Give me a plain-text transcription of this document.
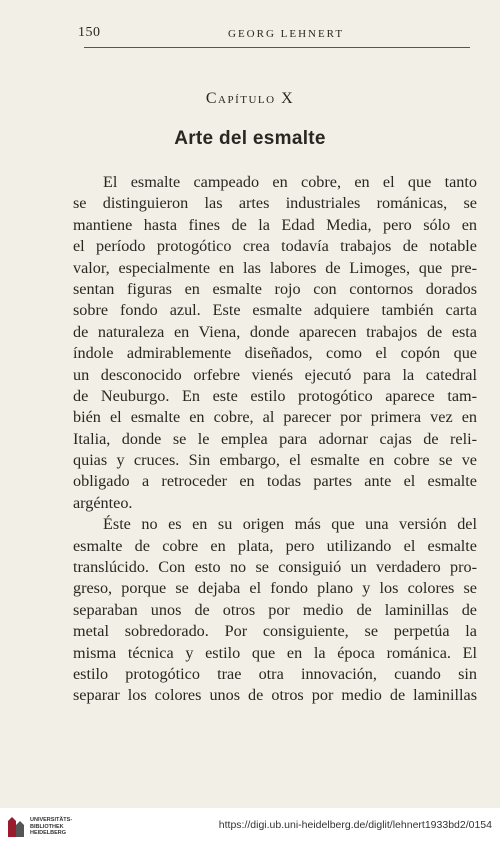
150	GEORG LEHNERT
Capítulo X
Arte del esmalte
El esmalte campeado en cobre, en el que tanto
se distinguieron las artes industriales románicas, se
mantiene hasta fines de la Edad Media, pero sólo en
el período protogótico crea todavía trabajos de notable
valor, especialmente en las labores de Limoges, que pre-
sentan figuras en esmalte rojo con contornos dorados
sobre fondo azul. Este esmalte adquiere también carta
de naturaleza en Viena, donde aparecen trabajos de esta
índole admirablemente diseñados, como el copón que
un desconocido orfebre vienés ejecutó para la catedral
de Neuburgo. En este estilo protogótico aparece tam-
bién el esmalte en cobre, al parecer por primera vez en
Italia, donde se le emplea para adornar cajas de reli-
quias y cruces. Sin embargo, el esmalte en cobre se ve
obligado a retroceder en todas partes ante el esmalte
argénteo.
Éste no es en su origen más que una versión del
esmalte de cobre en plata, pero utilizando el esmalte
translúcido. Con esto no se consiguió un verdadero pro-
greso, porque se dejaba el fondo plano y los colores se
separaban unos de otros por medio de laminillas de
metal sobredorado. Por consiguiente, se perpetúa la
misma técnica y estilo que en la época románica. El
estilo protogótico trae otra innovación, cuando sin
separar los colores unos de otros por medio de laminillas
UNIVERSITÄTS-
BIBLIOTHEK
HEIDELBERG
https://digi.ub.uni-heidelberg.de/diglit/lehnert1933bd2/0154
